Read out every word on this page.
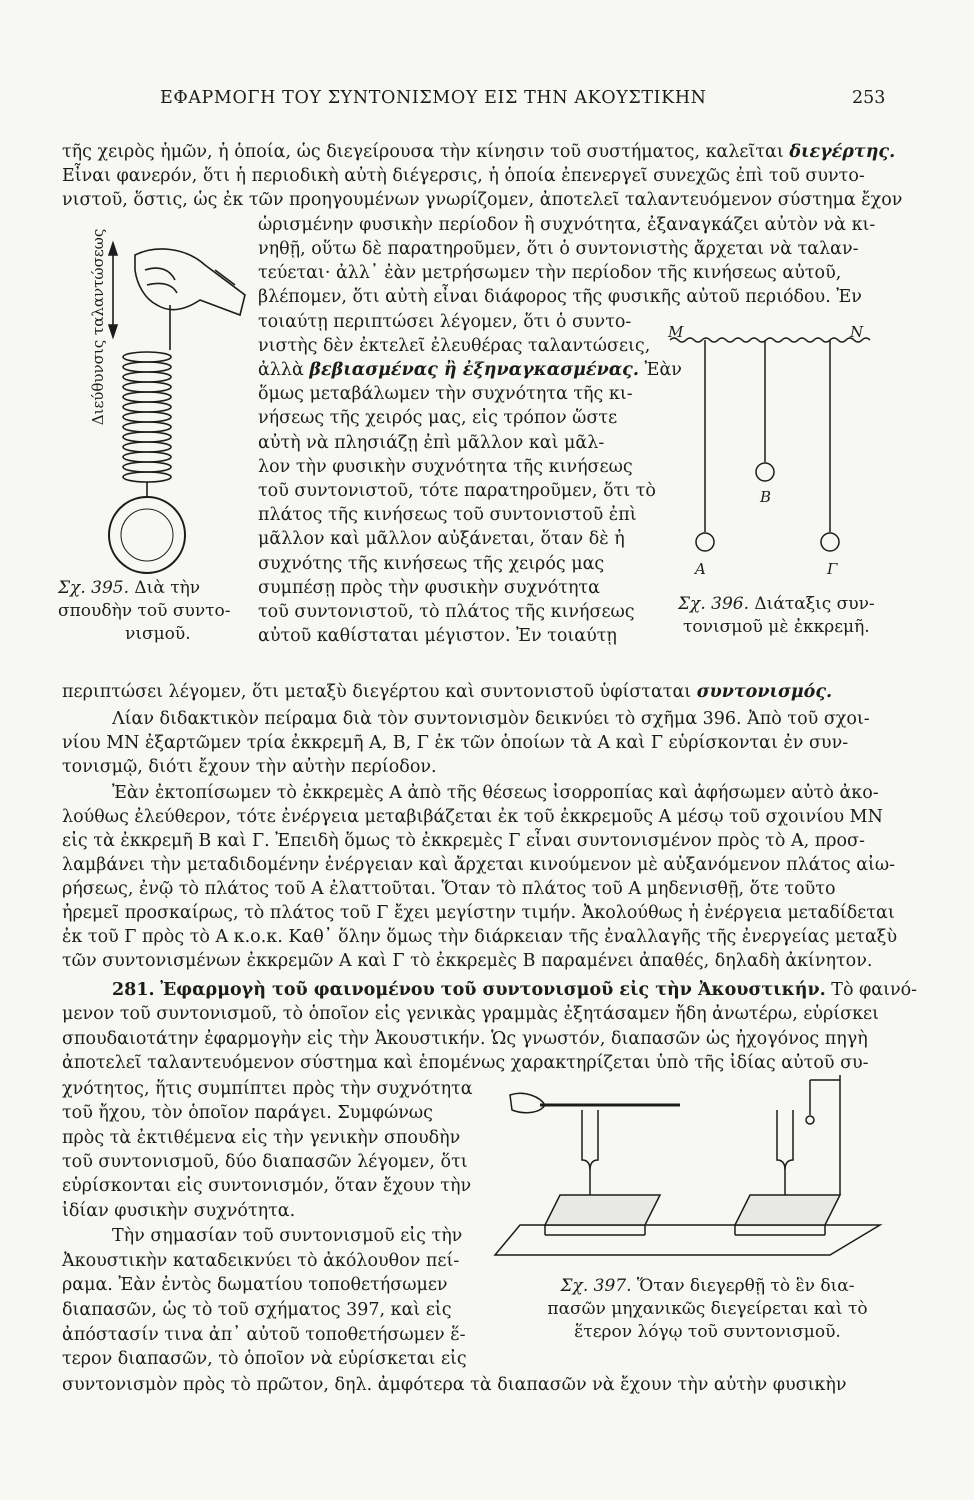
ΕΦΑΡΜΟΓΗ ΤΟΥ ΣΥΝΤΟΝΙΣΜΟΥ ΕΙΣ ΤΗΝ ΑΚΟΥΣΤΙΚΗΝ	253
τῆς χειρὸς ἡμῶν, ἡ ὁποία, ὡς διεγείρουσα τὴν κίνησιν τοῦ συστήματος, καλεῖται διεγέρτης.
Εἶναι φανερόν, ὅτι ἡ περιοδικὴ αὐτὴ διέγερσις, ἡ ὁποία ἐπενεργεῖ συνεχῶς ἐπὶ τοῦ συντο-
νιστοῦ, ὅστις, ὡς ἐκ τῶν προηγουμένων γνωρίζομεν, ἀποτελεῖ ταλαντευόμενον σύστημα ἔχον
ὡρισμένην φυσικὴν περίοδον ἢ συχνότητα, ἐξαναγκάζει αὐτὸν νὰ κι-
νηθῇ, οὕτω δὲ παρατηροῦμεν, ὅτι ὁ συντονιστὴς ἄρχεται νὰ ταλαν-
τεύεται· ἀλλ᾽ ἐὰν μετρήσωμεν τὴν περίοδον τῆς κινήσεως αὐτοῦ,
βλέπομεν, ὅτι αὐτὴ εἶναι διάφορος τῆς φυσικῆς αὐτοῦ περιόδου. Ἐν
τοιαύτῃ περιπτώσει λέγομεν, ὅτι ὁ συντο-
νιστὴς δὲν ἐκτελεῖ ἐλευθέρας ταλαντώσεις,
ἀλλὰ βεβιασμένας ἢ ἐξηναγκασμένας. Ἐὰν
ὅμως μεταβάλωμεν τὴν συχνότητα τῆς κι-
νήσεως τῆς χειρός μας, εἰς τρόπον ὥστε
αὐτὴ νὰ πλησιάζῃ ἐπὶ μᾶλλον καὶ μᾶλ-
λον τὴν φυσικὴν συχνότητα τῆς κινήσεως
τοῦ συντονιστοῦ, τότε παρατηροῦμεν, ὅτι τὸ
πλάτος τῆς κινήσεως τοῦ συντονιστοῦ ἐπὶ
μᾶλλον καὶ μᾶλλον αὐξάνεται, ὅταν δὲ ἡ
συχνότης τῆς κινήσεως τῆς χειρός μας
συμπέσῃ πρὸς τὴν φυσικὴν συχνότητα
τοῦ συντονιστοῦ, τὸ πλάτος τῆς κινήσεως
αὐτοῦ καθίσταται μέγιστον. Ἐν τοιαύτῃ
Διεύθυνσις ταλαντώσεως
Σχ. 395. Διὰ τὴν
σπουδὴν τοῦ συντο-
νισμοῦ.
Μ	Ν
Β
Α	Γ
Σχ. 396. Διάταξις συν-
τονισμοῦ μὲ ἐκκρεμῆ.
περιπτώσει λέγομεν, ὅτι μεταξὺ διεγέρτου καὶ συντονιστοῦ ὑφίσταται συντονισμός.
Λίαν διδακτικὸν πείραμα διὰ τὸν συντονισμὸν δεικνύει τὸ σχῆμα 396. Ἀπὸ τοῦ σχοι-
νίου ΜΝ ἐξαρτῶμεν τρία ἐκκρεμῆ Α, Β, Γ ἐκ τῶν ὁποίων τὰ Α καὶ Γ εὑρίσκονται ἐν συν-
τονισμῷ, διότι ἔχουν τὴν αὐτὴν περίοδον.
Ἐὰν ἐκτοπίσωμεν τὸ ἐκκρεμὲς Α ἀπὸ τῆς θέσεως ἰσορροπίας καὶ ἀφήσωμεν αὐτὸ ἀκο-
λούθως ἐλεύθερον, τότε ἐνέργεια μεταβιβάζεται ἐκ τοῦ ἐκκρεμοῦς Α μέσῳ τοῦ σχοινίου ΜΝ
εἰς τὰ ἐκκρεμῆ Β καὶ Γ. Ἐπειδὴ ὅμως τὸ ἐκκρεμὲς Γ εἶναι συντονισμένον πρὸς τὸ Α, προσ-
λαμβάνει τὴν μεταδιδομένην ἐνέργειαν καὶ ἄρχεται κινούμενον μὲ αὐξανόμενον πλάτος αἰω-
ρήσεως, ἐνῷ τὸ πλάτος τοῦ Α ἐλαττοῦται. Ὅταν τὸ πλάτος τοῦ Α μηδενισθῇ, ὅτε τοῦτο
ἠρεμεῖ προσκαίρως, τὸ πλάτος τοῦ Γ ἔχει μεγίστην τιμήν. Ἀκολούθως ἡ ἐνέργεια μεταδίδεται
ἐκ τοῦ Γ πρὸς τὸ Α κ.ο.κ. Καθ᾽ ὅλην ὅμως τὴν διάρκειαν τῆς ἐναλλαγῆς τῆς ἐνεργείας μεταξὺ
τῶν συντονισμένων ἐκκρεμῶν Α καὶ Γ τὸ ἐκκρεμὲς Β παραμένει ἀπαθές, δηλαδὴ ἀκίνητον.
281. Ἐφαρμογὴ τοῦ φαινομένου τοῦ συντονισμοῦ εἰς τὴν Ἀκουστικήν. Τὸ φαινό-
μενον τοῦ συντονισμοῦ, τὸ ὁποῖον εἰς γενικὰς γραμμὰς ἐξητάσαμεν ἤδη ἀνωτέρω, εὑρίσκει
σπουδαιοτάτην ἐφαρμογὴν εἰς τὴν Ἀκουστικήν. Ὡς γνωστόν, διαπασῶν ὡς ἠχογόνος πηγὴ
ἀποτελεῖ ταλαντευόμενον σύστημα καὶ ἑπομένως χαρακτηρίζεται ὑπὸ τῆς ἰδίας αὐτοῦ συ-
χνότητος, ἥτις συμπίπτει πρὸς τὴν συχνότητα
τοῦ ἤχου, τὸν ὁποῖον παράγει. Συμφώνως
πρὸς τὰ ἐκτιθέμενα εἰς τὴν γενικὴν σπουδὴν
τοῦ συντονισμοῦ, δύο διαπασῶν λέγομεν, ὅτι
εὑρίσκονται εἰς συντονισμόν, ὅταν ἔχουν τὴν
ἰδίαν φυσικὴν συχνότητα.
Τὴν σημασίαν τοῦ συντονισμοῦ εἰς τὴν
Ἀκουστικὴν καταδεικνύει τὸ ἀκόλουθον πεί-
ραμα. Ἐὰν ἐντὸς δωματίου τοποθετήσωμεν
διαπασῶν, ὡς τὸ τοῦ σχήματος 397, καὶ εἰς
ἀπόστασίν τινα ἀπ᾽ αὐτοῦ τοποθετήσωμεν ἕ-
τερον διαπασῶν, τὸ ὁποῖον νὰ εὑρίσκεται εἰς
συντονισμὸν πρὸς τὸ πρῶτον, δηλ. ἀμφότερα τὰ διαπασῶν νὰ ἔχουν τὴν αὐτὴν φυσικὴν
Σχ. 397. Ὅταν διεγερθῇ τὸ ἓν δια-
πασῶν μηχανικῶς διεγείρεται καὶ τὸ
ἕτερον λόγῳ τοῦ συντονισμοῦ.
